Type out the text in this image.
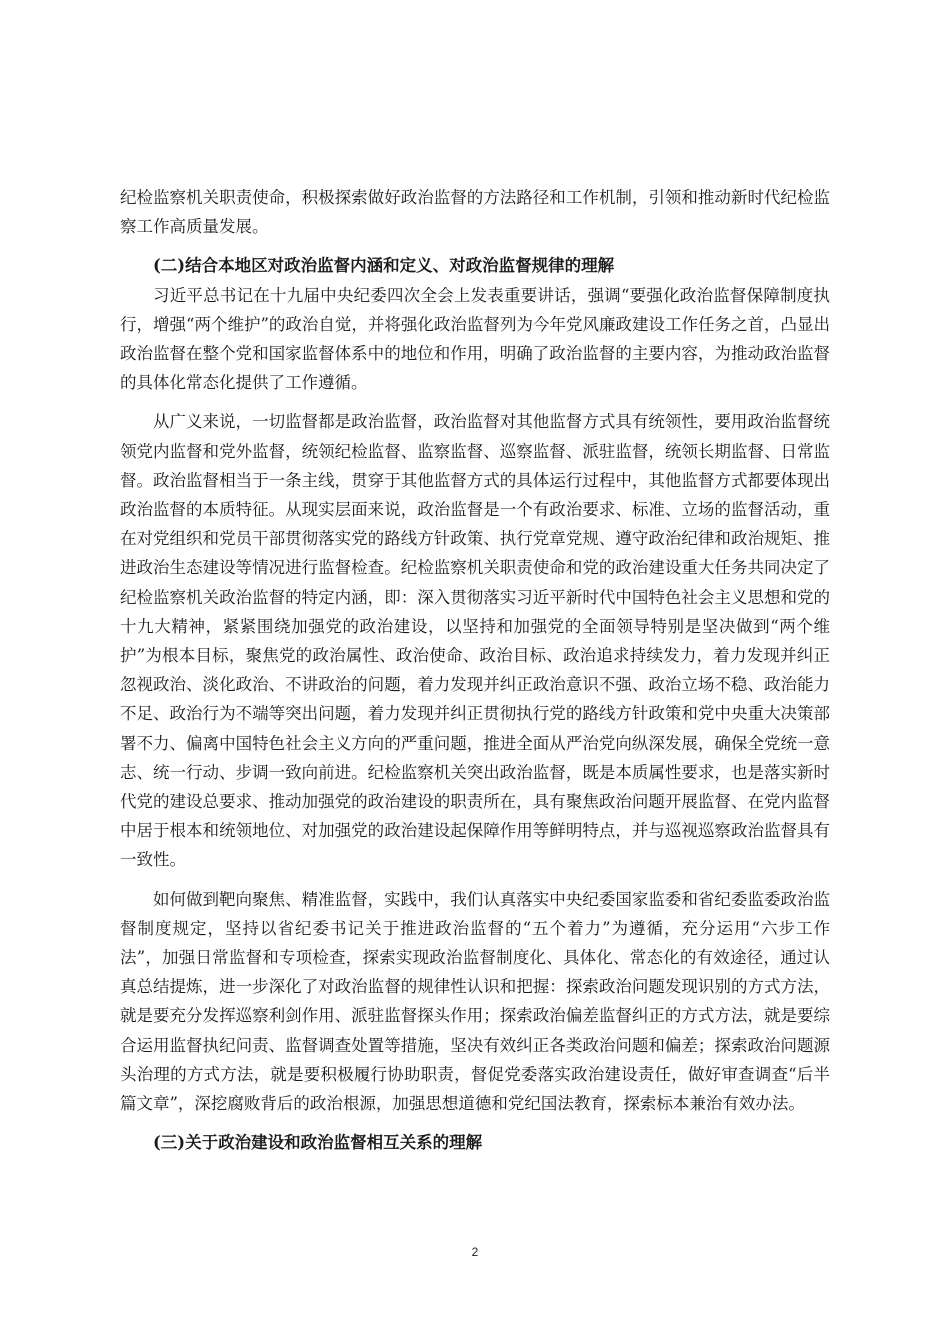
纪检监察机关职责使命，积极探索做好政治监督的方法路径和工作机制，引领和推动新时代纪检监察工作高质量发展。

(二)结合本地区对政治监督内涵和定义、对政治监督规律的理解

习近平总书记在十九届中央纪委四次全会上发表重要讲话，强调“要强化政治监督保障制度执行，增强“两个维护”的政治自觉，并将强化政治监督列为今年党风廉政建设工作任务之首，凸显出政治监督在整个党和国家监督体系中的地位和作用，明确了政治监督的主要内容，为推动政治监督的具体化常态化提供了工作遵循。

从广义来说，一切监督都是政治监督，政治监督对其他监督方式具有统领性，要用政治监督统领党内监督和党外监督，统领纪检监督、监察监督、巡察监督、派驻监督，统领长期监督、日常监督。政治监督相当于一条主线，贯穿于其他监督方式的具体运行过程中，其他监督方式都要体现出政治监督的本质特征。从现实层面来说，政治监督是一个有政治要求、标准、立场的监督活动，重在对党组织和党员干部贯彻落实党的路线方针政策、执行党章党规、遵守政治纪律和政治规矩、推进政治生态建设等情况进行监督检查。纪检监察机关职责使命和党的政治建设重大任务共同决定了纪检监察机关政治监督的特定内涵，即：深入贯彻落实习近平新时代中国特色社会主义思想和党的十九大精神，紧紧围绕加强党的政治建设，以坚持和加强党的全面领导特别是坚决做到“两个维护”为根本目标，聚焦党的政治属性、政治使命、政治目标、政治追求持续发力，着力发现并纠正忽视政治、淡化政治、不讲政治的问题，着力发现并纠正政治意识不强、政治立场不稳、政治能力不足、政治行为不端等突出问题，着力发现并纠正贯彻执行党的路线方针政策和党中央重大决策部署不力、偏离中国特色社会主义方向的严重问题，推进全面从严治党向纵深发展，确保全党统一意志、统一行动、步调一致向前进。纪检监察机关突出政治监督，既是本质属性要求，也是落实新时代党的建设总要求、推动加强党的政治建设的职责所在，具有聚焦政治问题开展监督、在党内监督中居于根本和统领地位、对加强党的政治建设起保障作用等鲜明特点，并与巡视巡察政治监督具有一致性。

如何做到靶向聚焦、精准监督，实践中，我们认真落实中央纪委国家监委和省纪委监委政治监督制度规定，坚持以省纪委书记关于推进政治监督的“五个着力”为遵循，充分运用“六步工作法”，加强日常监督和专项检查，探索实现政治监督制度化、具体化、常态化的有效途径，通过认真总结提炼，进一步深化了对政治监督的规律性认识和把握：探索政治问题发现识别的方式方法，就是要充分发挥巡察利剑作用、派驻监督探头作用；探索政治偏差监督纠正的方式方法，就是要综合运用监督执纪问责、监督调查处置等措施，坚决有效纠正各类政治问题和偏差；探索政治问题源头治理的方式方法，就是要积极履行协助职责，督促党委落实政治建设责任，做好审查调查“后半篇文章”，深挖腐败背后的政治根源，加强思想道德和党纪国法教育，探索标本兼治有效办法。

(三)关于政治建设和政治监督相互关系的理解

2
